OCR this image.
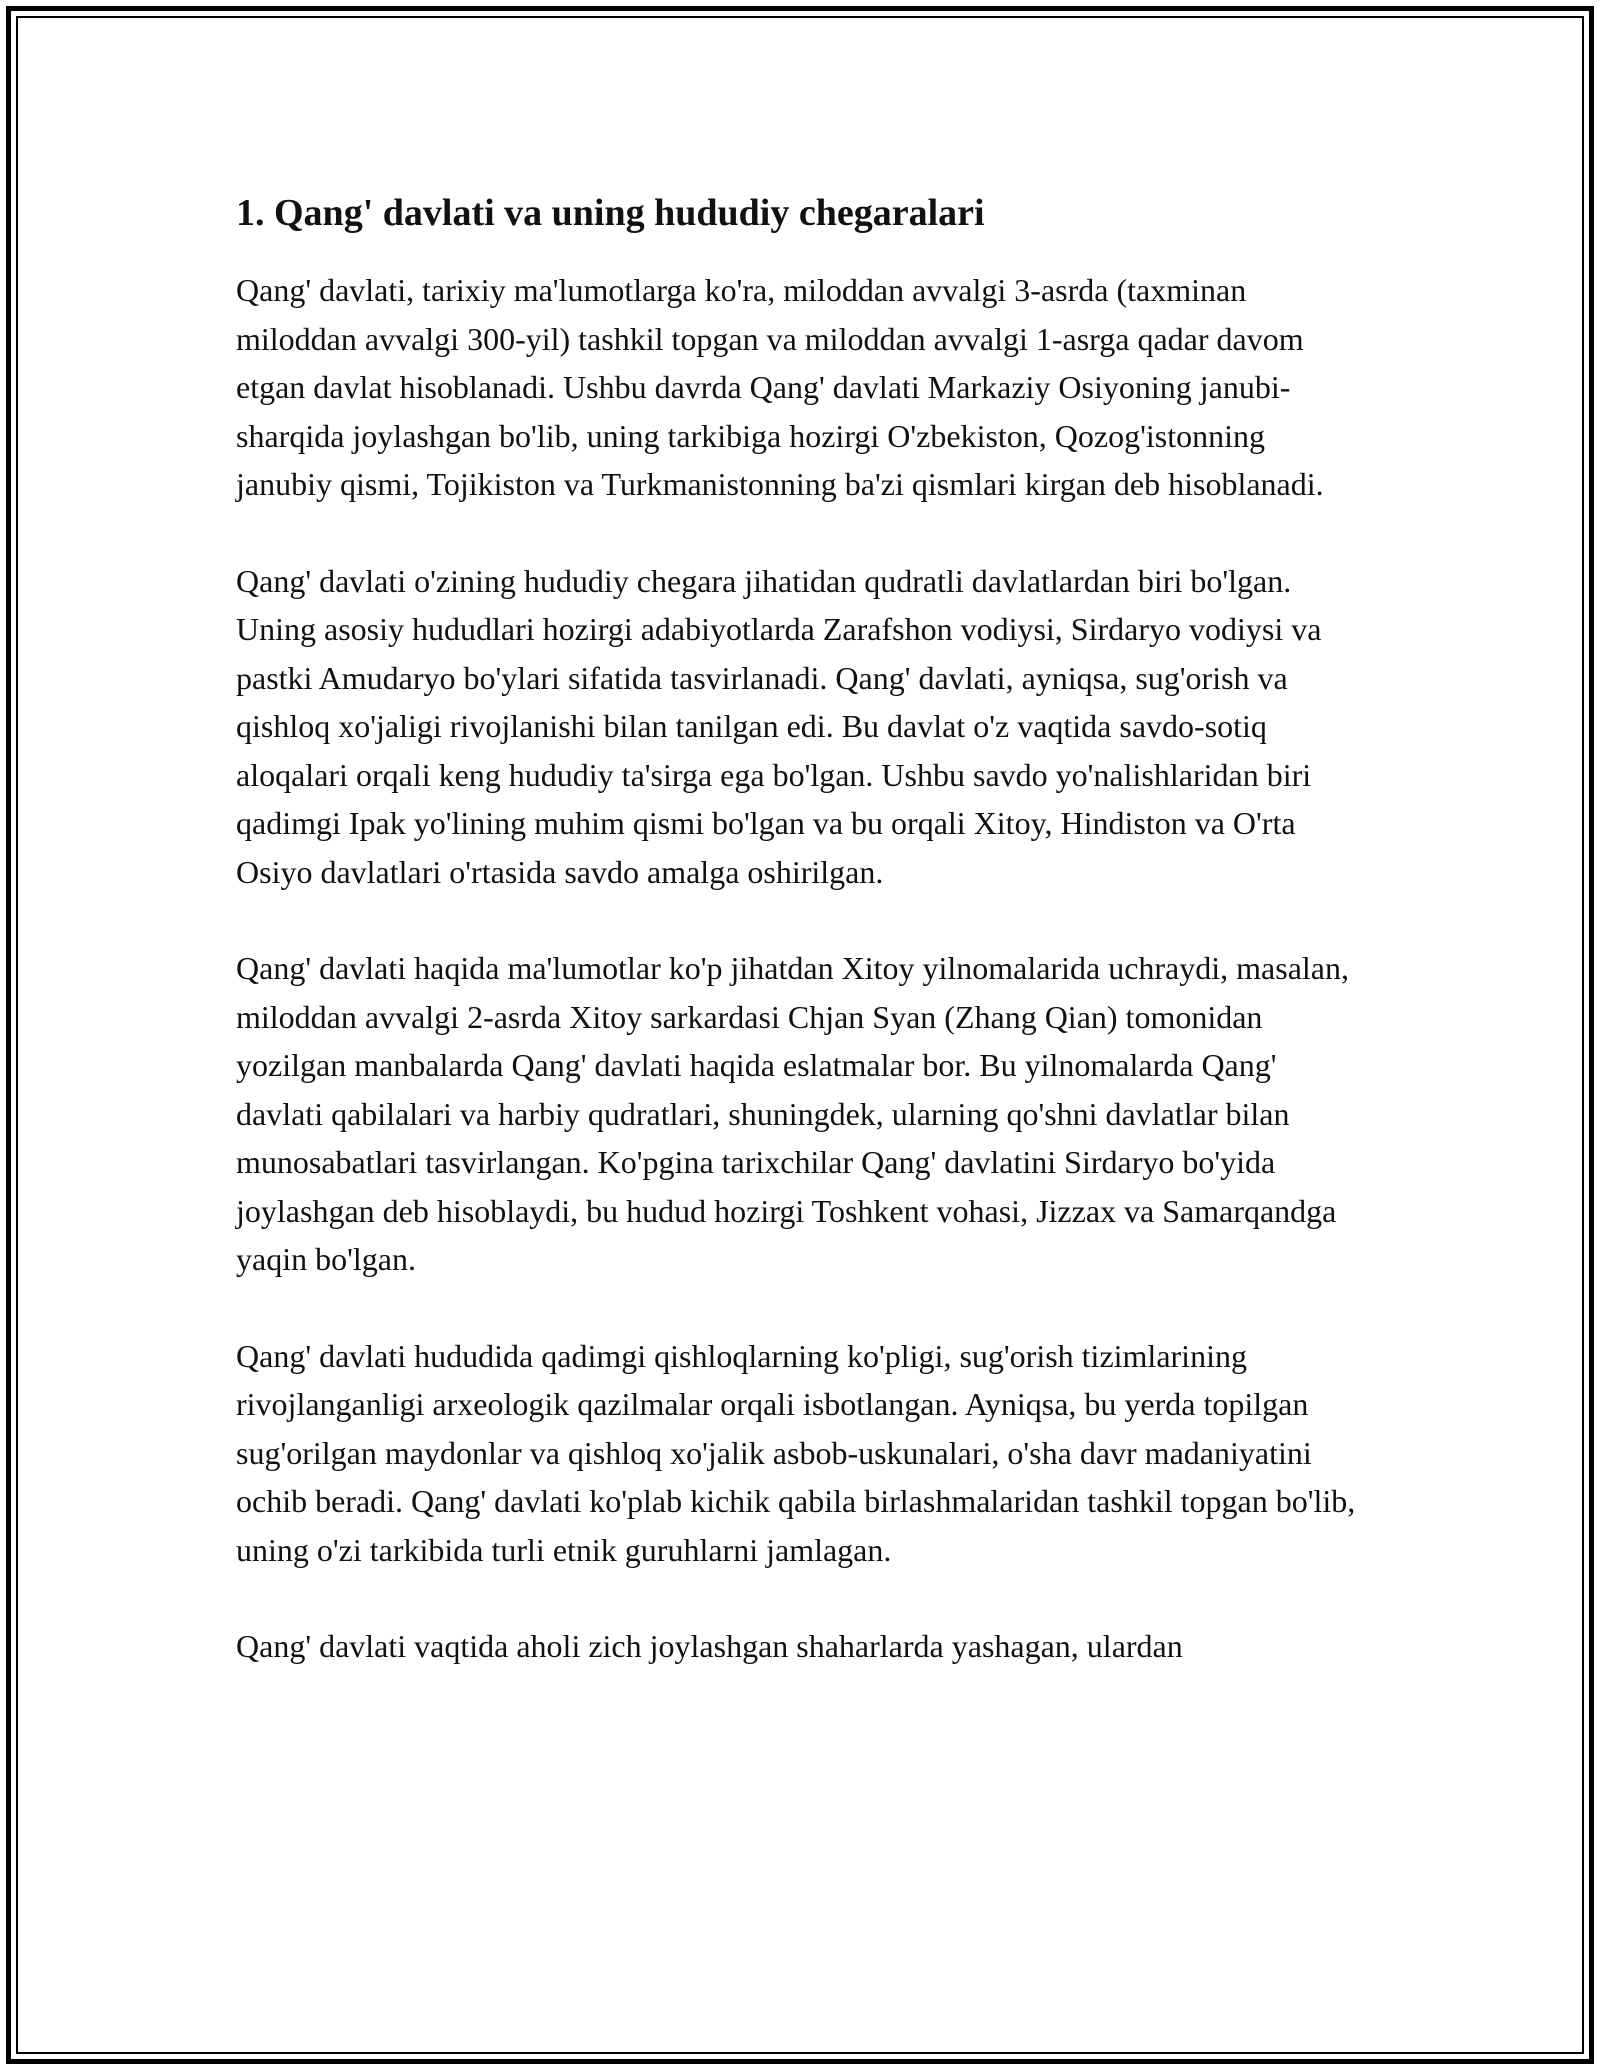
1. Qang' davlati va uning hududiy chegaralari

Qang' davlati, tarixiy ma'lumotlarga ko'ra, miloddan avvalgi 3-asrda (taxminan miloddan avvalgi 300-yil) tashkil topgan va miloddan avvalgi 1-asrga qadar davom etgan davlat hisoblanadi. Ushbu davrda Qang' davlati Markaziy Osiyoning janubi-sharqida joylashgan bo'lib, uning tarkibiga hozirgi O'zbekiston, Qozog'istonning janubiy qismi, Tojikiston va Turkmanistonning ba'zi qismlari kirgan deb hisoblanadi.

Qang' davlati o'zining hududiy chegara jihatidan qudratli davlatlardan biri bo'lgan. Uning asosiy hududlari hozirgi adabiyotlarda Zarafshon vodiysi, Sirdaryo vodiysi va pastki Amudaryo bo'ylari sifatida tasvirlanadi. Qang' davlati, ayniqsa, sug'orish va qishloq xo'jaligi rivojlanishi bilan tanilgan edi. Bu davlat o'z vaqtida savdo-sotiq aloqalari orqali keng hududiy ta'sirga ega bo'lgan. Ushbu savdo yo'nalishlaridan biri qadimgi Ipak yo'lining muhim qismi bo'lgan va bu orqali Xitoy, Hindiston va O'rta Osiyo davlatlari o'rtasida savdo amalga oshirilgan.

Qang' davlati haqida ma'lumotlar ko'p jihatdan Xitoy yilnomalarida uchraydi, masalan, miloddan avvalgi 2-asrda Xitoy sarkardasi Chjan Syan (Zhang Qian) tomonidan yozilgan manbalarda Qang' davlati haqida eslatmalar bor. Bu yilnomalarda Qang' davlati qabilalari va harbiy qudratlari, shuningdek, ularning qo'shni davlatlar bilan munosabatlari tasvirlangan. Ko'pgina tarixchilar Qang' davlatini Sirdaryo bo'yida joylashgan deb hisoblaydi, bu hudud hozirgi Toshkent vohasi, Jizzax va Samarqandga yaqin bo'lgan.

Qang' davlati hududida qadimgi qishloqlarning ko'pligi, sug'orish tizimlarining rivojlanganligi arxeologik qazilmalar orqali isbotlangan. Ayniqsa, bu yerda topilgan sug'orilgan maydonlar va qishloq xo'jalik asbob-uskunalari, o'sha davr madaniyatini ochib beradi. Qang' davlati ko'plab kichik qabila birlashmalaridan tashkil topgan bo'lib, uning o'zi tarkibida turli etnik guruhlarni jamlagan.

Qang' davlati vaqtida aholi zich joylashgan shaharlarda yashagan, ulardan
